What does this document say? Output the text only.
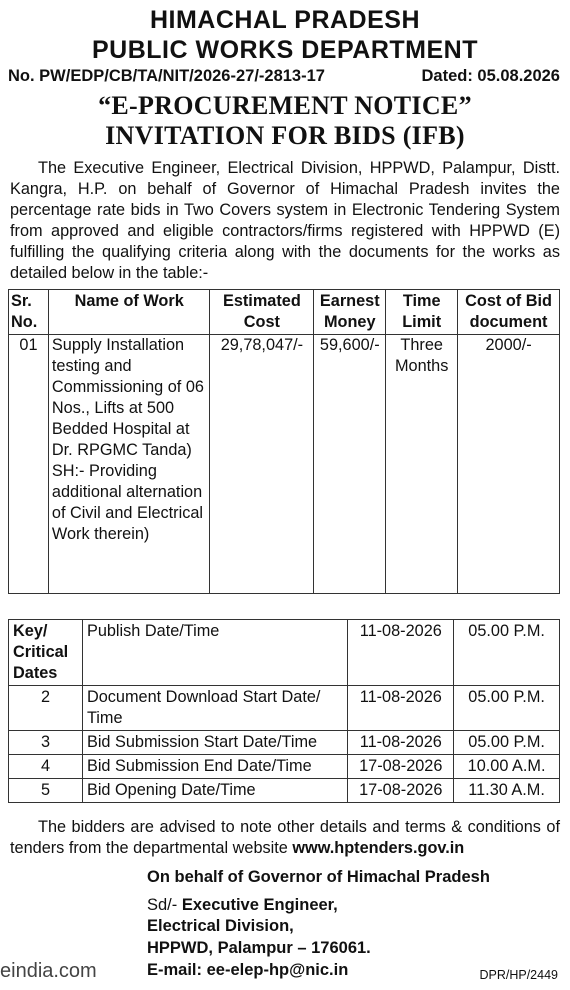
HIMACHAL PRADESH
PUBLIC WORKS DEPARTMENT
No. PW/EDP/CB/TA/NIT/2026-27/-2813-17	Dated: 05.08.2026
“E-PROCUREMENT NOTICE”
INVITATION FOR BIDS (IFB)

The Executive Engineer, Electrical Division, HPPWD, Palampur, Distt. Kangra, H.P. on behalf of Governor of Himachal Pradesh invites the percentage rate bids in Two Covers system in Electronic Tendering System from approved and eligible contractors/firms registered with HPPWD (E) fulfilling the qualifying criteria along with the documents for the works as detailed below in the table:-

Sr. No.	Name of Work	Estimated Cost	Earnest Money	Time Limit	Cost of Bid document
01	Supply Installation testing and Commissioning of 06 Nos., Lifts at 500 Bedded Hospital at Dr. RPGMC Tanda) SH:- Providing additional alternation of Civil and Electrical Work therein)	29,78,047/-	59,600/-	Three Months	2000/-
Key/ Critical Dates	Publish Date/Time	11-08-2026	05.00 P.M.
2	Document Download Start Date/ Time	11-08-2026	05.00 P.M.
3	Bid Submission Start Date/Time	11-08-2026	05.00 P.M.
4	Bid Submission End Date/Time	17-08-2026	10.00 A.M.
5	Bid Opening Date/Time	17-08-2026	11.30 A.M.

The bidders are advised to note other details and terms & conditions of tenders from the departmental website www.hptenders.gov.in

On behalf of Governor of Himachal Pradesh
Sd/- Executive Engineer,
Electrical Division,
HPPWD, Palampur – 176061.
E-mail: ee-elep-hp@nic.in
eindia.com	DPR/HP/2449
